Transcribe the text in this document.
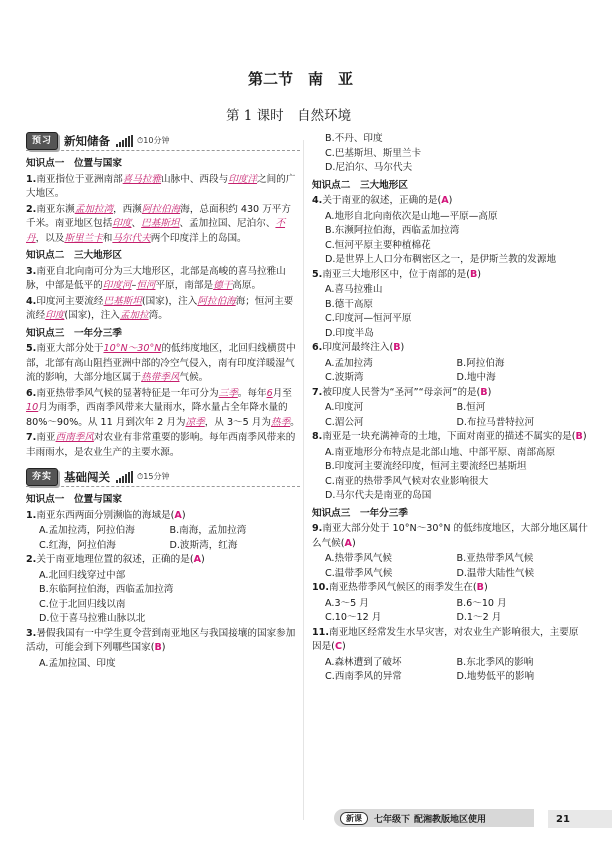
第二节　南　亚
第 1 课时　自然环境
预习	新知储备	⏱ 10分钟
知识点一　位置与国家
1.南亚指位于亚洲南部喜马拉雅山脉中、西段与印度洋之间的广大地区。
2.南亚东濒孟加拉湾，西濒阿拉伯海海，总面积约 430 万平方千米。南亚地区包括印度、巴基斯坦、孟加拉国、尼泊尔、不丹，以及斯里兰卡和马尔代夫两个印度洋上的岛国。
知识点二　三大地形区
3.南亚自北向南可分为三大地形区，北部是高峻的喜马拉雅山脉，中部是低平的印度河–恒河平原，南部是德干高原。
4.印度河主要流经巴基斯坦(国家)，注入阿拉伯海海；恒河主要流经印度(国家)，注入孟加拉湾。
知识点三　一年分三季
5.南亚大部分处于10°N～30°N的低纬度地区，北回归线横贯中部，北部有高山阻挡亚洲中部的冷空气侵入，南有印度洋暖湿气流的影响，大部分地区属于热带季风气候。
6.南亚热带季风气候的显著特征是一年可分为三季。每年6月至10月为雨季，西南季风带来大量雨水，降水量占全年降水量的 80%～90%。从 11 月到次年 2 月为凉季，从 3～5 月为热季。
7.南亚西南季风对农业有非常重要的影响。每年西南季风带来的丰雨雨水，是农业生产的主要水源。
夯实	基础闯关	⏱ 15分钟
知识点一　位置与国家
1.南亚东西两面分别濒临的海域是(A)
A.孟加拉湾，阿拉伯海	B.南海，孟加拉湾
C.红海，阿拉伯海	D.波斯湾，红海
2.关于南亚地理位置的叙述，正确的是(A)
A.北回归线穿过中部
B.东临阿拉伯海，西临孟加拉湾
C.位于北回归线以南
D.位于喜马拉雅山脉以北
3.暑假我国有一中学生夏令营到南亚地区与我国接壤的国家参加活动，可能会到下列哪些国家(B)
A.孟加拉国、印度
B.不丹、印度
C.巴基斯坦、斯里兰卡
D.尼泊尔、马尔代夫
知识点二　三大地形区
4.关于南亚的叙述，正确的是(A)
A.地形自北向南依次是山地—平原—高原
B.东濒阿拉伯海，西临孟加拉湾
C.恒河平原主要种植棉花
D.是世界上人口分布稠密区之一，是伊斯兰教的发源地
5.南亚三大地形区中，位于南部的是(B)
A.喜马拉雅山
B.德干高原
C.印度河—恒河平原
D.印度半岛
6.印度河最终注入(B)
A.孟加拉湾	B.阿拉伯海
C.波斯湾	D.地中海
7.被印度人民誉为“圣河”“母亲河”的是(B)
A.印度河	B.恒河
C.湄公河	D.布拉马普特拉河
8.南亚是一块充满神奇的土地，下面对南亚的描述不属实的是(B)
A.南亚地形分布特点是北部山地、中部平原、南部高原
B.印度河主要流经印度，恒河主要流经巴基斯坦
C.南亚的热带季风气候对农业影响很大
D.马尔代夫是南亚的岛国
知识点三　一年分三季
9.南亚大部分处于 10°N～30°N 的低纬度地区，大部分地区属什么气候(A)
A.热带季风气候	B.亚热带季风气候
C.温带季风气候	D.温带大陆性气候
10.南亚热带季风气候区的雨季发生在(B)
A.3～5 月	B.6～10 月
C.10～12 月	D.1～2 月
11.南亚地区经常发生水旱灾害，对农业生产影响很大，主要原因是(C)
A.森林遭到了破坏	B.东北季风的影响
C.西南季风的异常	D.地势低平的影响
新课	七年级下 配湘教版地区使用	21
